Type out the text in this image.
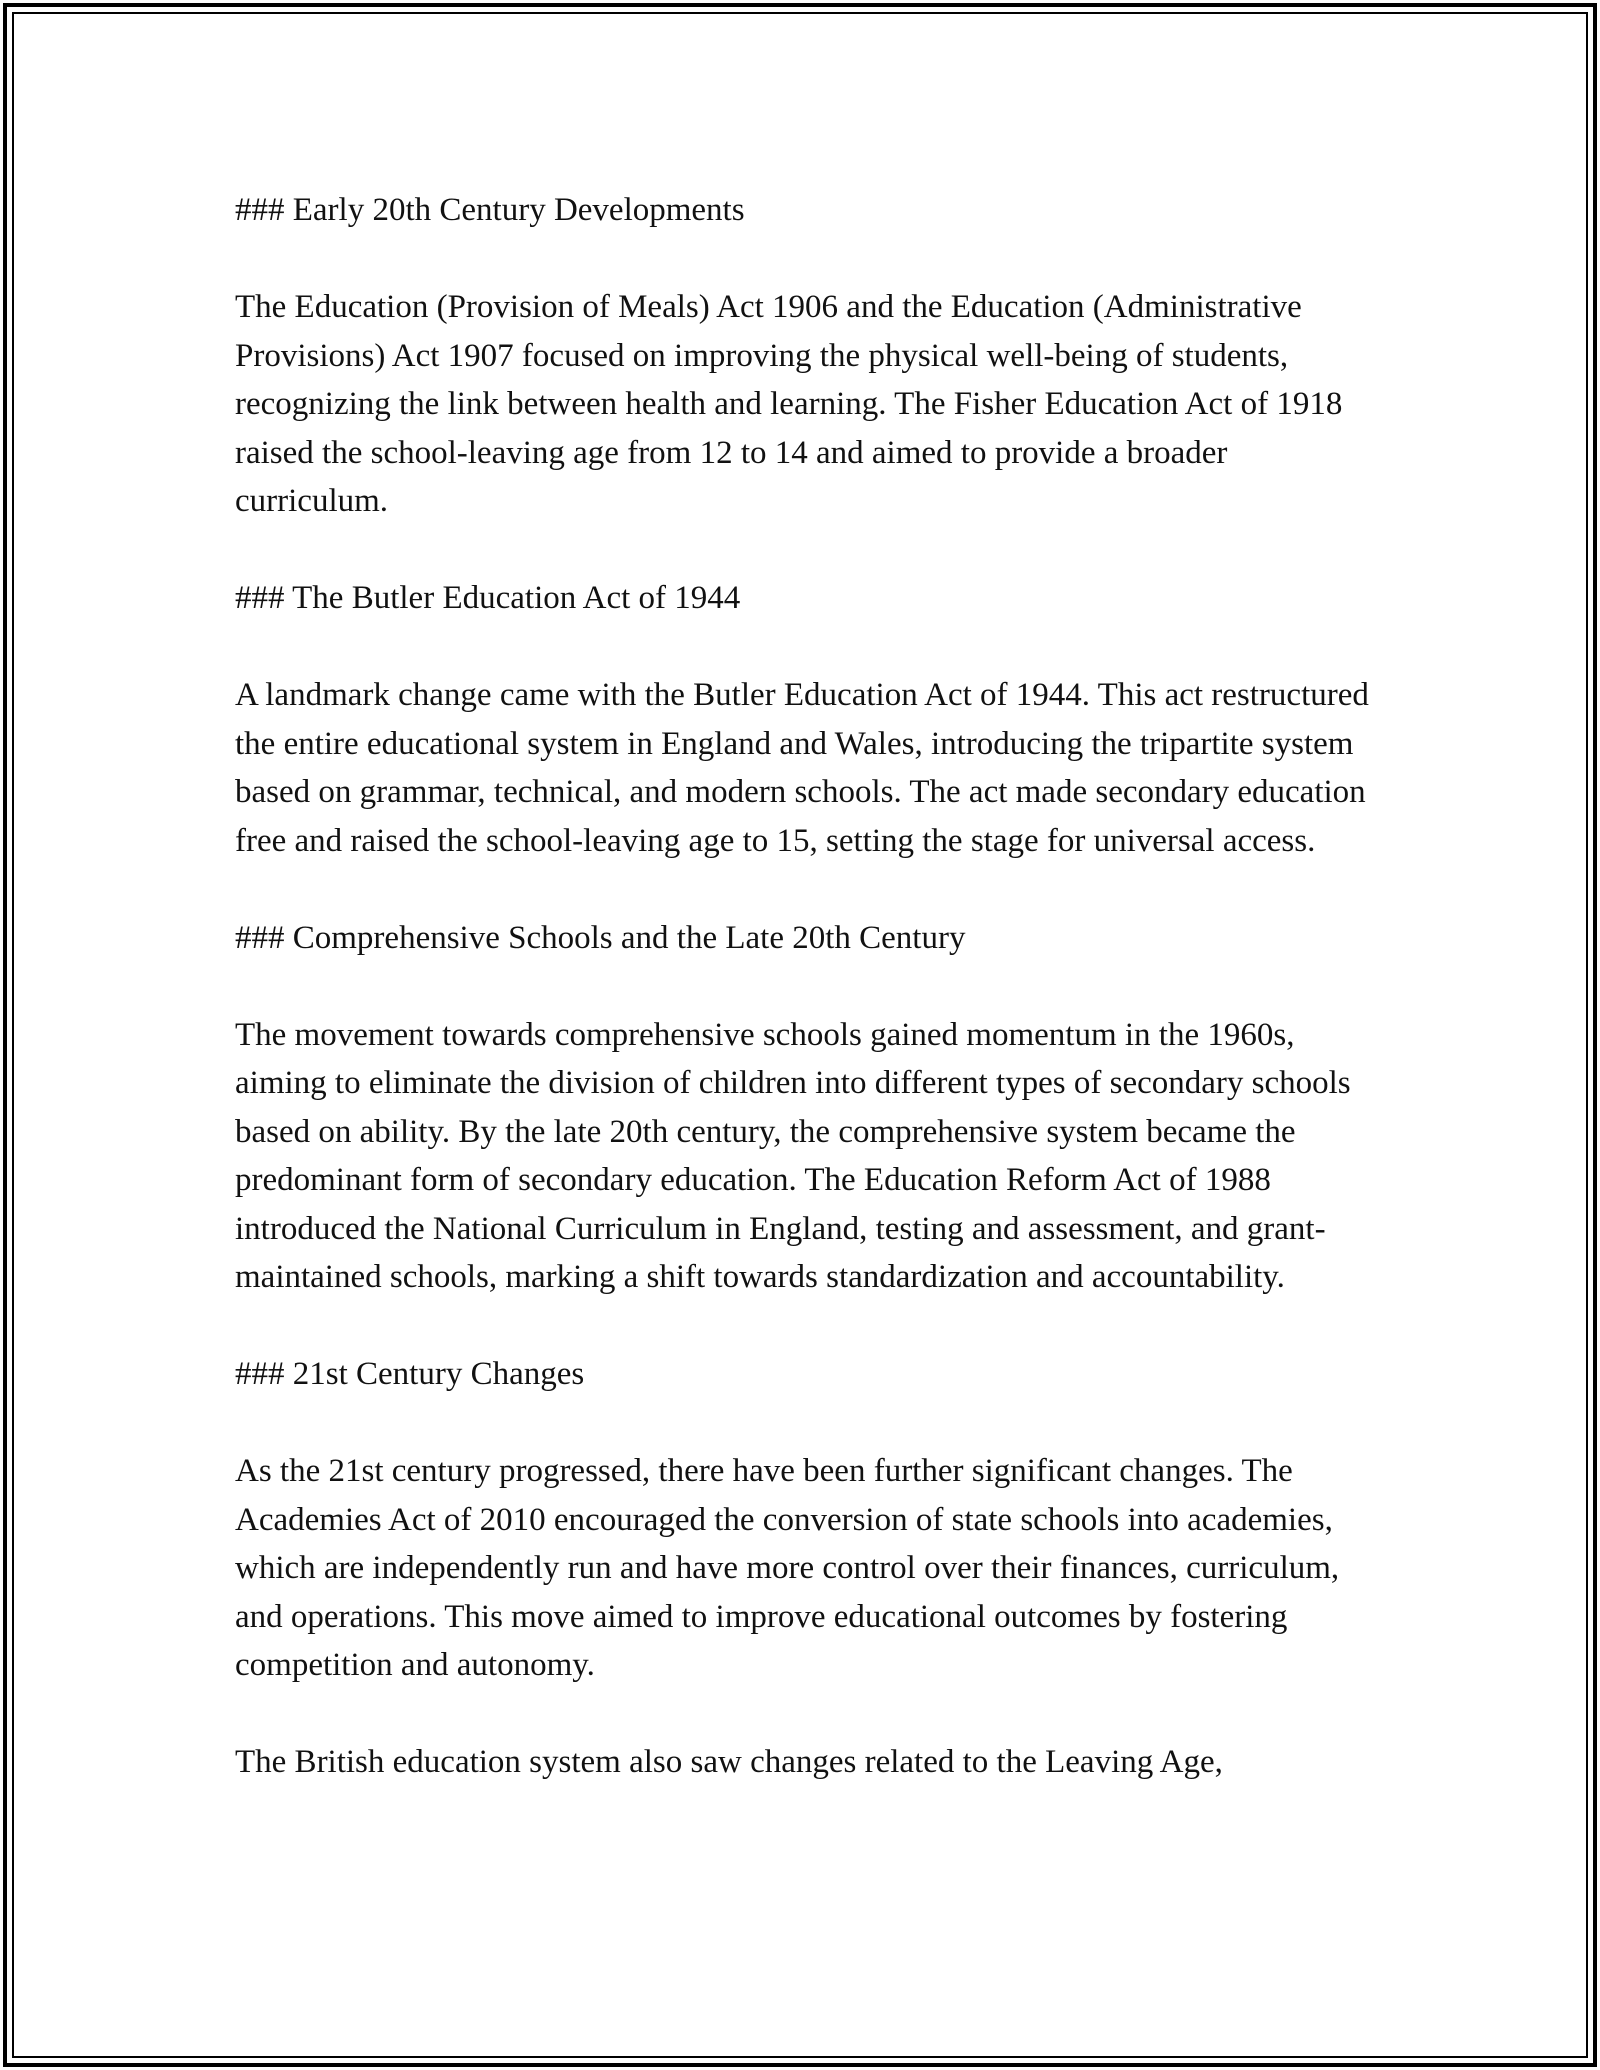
### Early 20th Century Developments
The Education (Provision of Meals) Act 1906 and the Education (Administrative Provisions) Act 1907 focused on improving the physical well-being of students, recognizing the link between health and learning. The Fisher Education Act of 1918 raised the school-leaving age from 12 to 14 and aimed to provide a broader curriculum.
### The Butler Education Act of 1944
A landmark change came with the Butler Education Act of 1944. This act restructured the entire educational system in England and Wales, introducing the tripartite system based on grammar, technical, and modern schools. The act made secondary education free and raised the school-leaving age to 15, setting the stage for universal access.
### Comprehensive Schools and the Late 20th Century
The movement towards comprehensive schools gained momentum in the 1960s, aiming to eliminate the division of children into different types of secondary schools based on ability. By the late 20th century, the comprehensive system became the predominant form of secondary education. The Education Reform Act of 1988 introduced the National Curriculum in England, testing and assessment, and grant-maintained schools, marking a shift towards standardization and accountability.
### 21st Century Changes
As the 21st century progressed, there have been further significant changes. The Academies Act of 2010 encouraged the conversion of state schools into academies, which are independently run and have more control over their finances, curriculum, and operations. This move aimed to improve educational outcomes by fostering competition and autonomy.
The British education system also saw changes related to the Leaving Age,
